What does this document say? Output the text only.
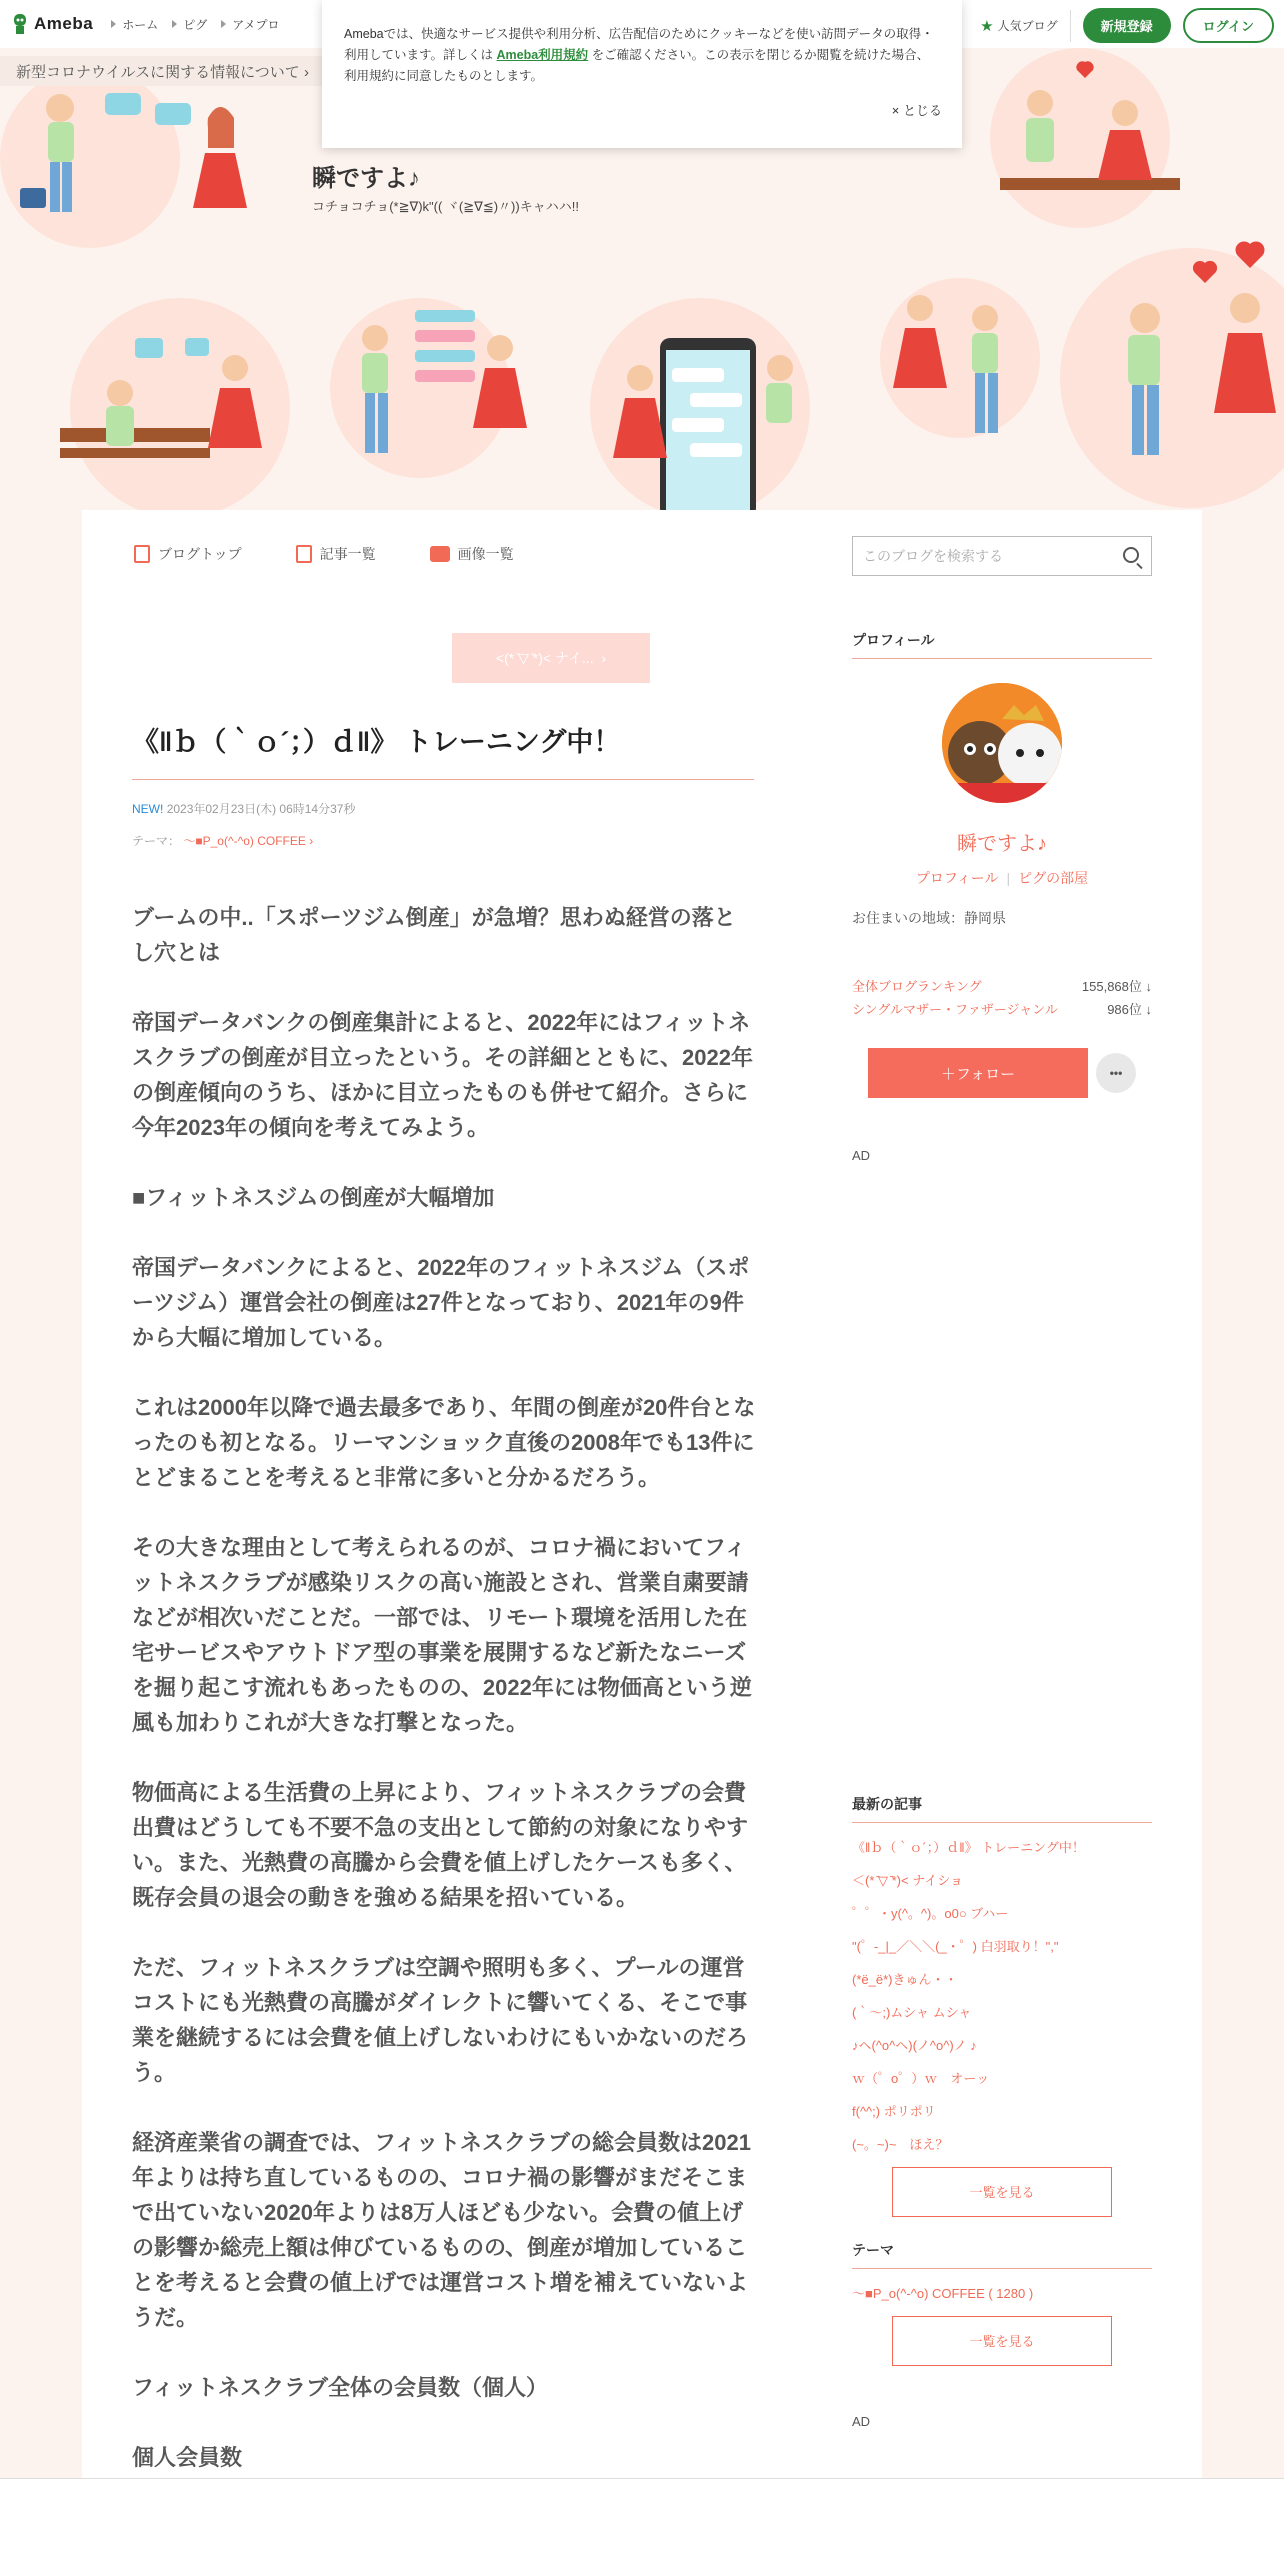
Ameba	ホーム	ピグ	アメプロ	★ 人気ブログ	新規登録	ログイン
新型コロナウイルスに関する情報について ›
瞬ですよ♪
コチョコチョ(*≧∇)k"(( ヾ(≧∇≦)〃))キャハハ!!
Amebaでは、快適なサービス提供や利用分析、広告配信のためにクッキーなどを使い訪問データの取得・利用しています。詳しくは Ameba利用規約 をご確認ください。この表示を閉じるか閲覧を続けた場合、利用規約に同意したものとします。
× とじる
ブログトップ	記事一覧	画像一覧	このブログを検索する
<(* ̄▽ ̄*)< ナイ... ›
《‖ｂ（｀ｏ´；）ｄ‖》 トレーニング中！
NEW! 2023年02月23日(木) 06時14分37秒
テーマ： 〜■P_o(^-^o) COFFEE ›

ブームの中..「スポーツジム倒産」が急増？思わぬ経営の落とし穴とは

帝国データバンクの倒産集計によると、2022年にはフィットネスクラブの倒産が目立ったという。その詳細とともに、2022年の倒産傾向のうち、ほかに目立ったものも併せて紹介。さらに今年2023年の傾向を考えてみよう。

■フィットネスジムの倒産が大幅増加

帝国データバンクによると、2022年のフィットネスジム（スポーツジム）運営会社の倒産は27件となっており、2021年の9件から大幅に増加している。

これは2000年以降で過去最多であり、年間の倒産が20件台となったのも初となる。リーマンショック直後の2008年でも13件にとどまることを考えると非常に多いと分かるだろう。

その大きな理由として考えられるのが、コロナ禍においてフィットネスクラブが感染リスクの高い施設とされ、営業自粛要請などが相次いだことだ。一部では、リモート環境を活用した在宅サービスやアウトドア型の事業を展開するなど新たなニーズを掘り起こす流れもあったものの、2022年には物価高という逆風も加わりこれが大きな打撃となった。

物価高による生活費の上昇により、フィットネスクラブの会費出費はどうしても不要不急の支出として節約の対象になりやすい。また、光熱費の高騰から会費を値上げしたケースも多く、既存会員の退会の動きを強める結果を招いている。

ただ、フィットネスクラブは空調や照明も多く、プールの運営コストにも光熱費の高騰がダイレクトに響いてくる、そこで事業を継続するには会費を値上げしないわけにもいかないのだろう。

経済産業省の調査では、フィットネスクラブの総会員数は2021年よりは持ち直しているものの、コロナ禍の影響がまだそこまで出ていない2020年よりは8万人ほども少ない。会費の値上げの影響か総売上額は伸びているものの、倒産が増加していることを考えると会費の値上げでは運営コスト増を補えていないようだ。

フィットネスクラブ全体の会員数（個人）

個人会員数

プロフィール
瞬ですよ♪
プロフィール | ピグの部屋
お住まいの地域：静岡県
全体ブログランキング	155,868位 ↓
シングルマザー・ファザージャンル	986位 ↓
＋フォロー	•••
AD
最新の記事
《‖ｂ（｀ｏ´；）ｄ‖》 トレーニング中！
＜(* ̄▽ ̄*)< ナイショ
゜゜・y(^。^)。o0○ ブハー
"(゜-_|_／＼＼(_・゜) 白羽取り！","
(*ё_ё*)きゅん・・
(｀～;)ムシャ ムシャ
♪ヘ(^o^ヘ)(ノ^o^)ノ ♪
ｗ（゜o゜）ｗ　オーッ
f(^^;) ポリポリ
(~。~)~　ほえ？
一覧を見る
テーマ
〜■P_o(^-^o) COFFEE ( 1280 )
一覧を見る
AD
